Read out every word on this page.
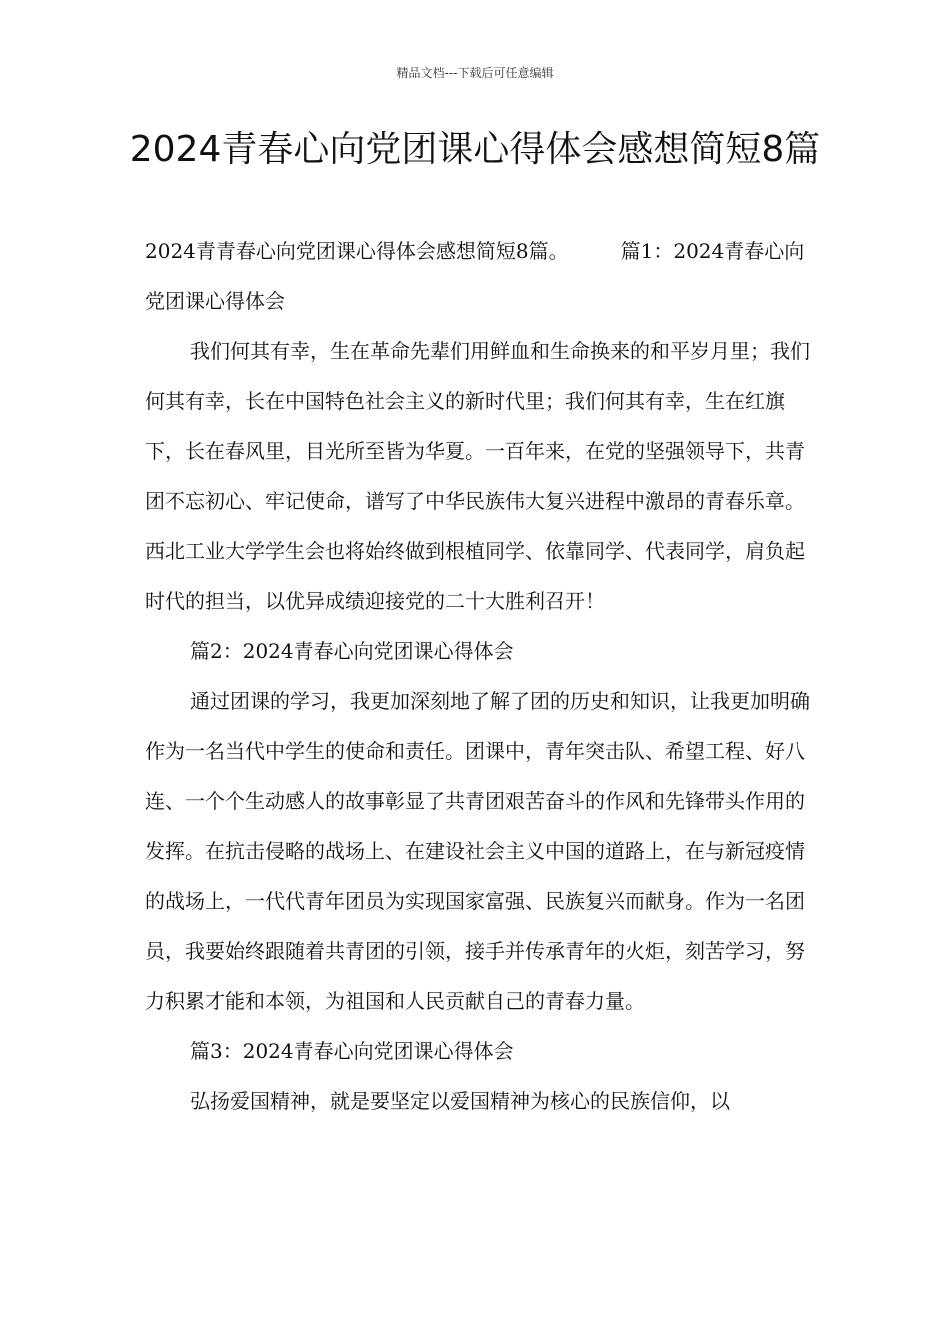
精品文档---下载后可任意编辑
2024青春心向党团课心得体会感想简短8篇

2024青青春心向党团课心得体会感想简短8篇。	篇1：2024青春心向党团课心得体会

我们何其有幸，生在革命先辈们用鲜血和生命换来的和平岁月里；我们何其有幸，长在中国特色社会主义的新时代里；我们何其有幸，生在红旗下，长在春风里，目光所至皆为华夏。一百年来，在党的坚强领导下，共青团不忘初心、牢记使命，谱写了中华民族伟大复兴进程中激昂的青春乐章。西北工业大学学生会也将始终做到根植同学、依靠同学、代表同学，肩负起时代的担当，以优异成绩迎接党的二十大胜利召开！

篇2：2024青春心向党团课心得体会

通过团课的学习，我更加深刻地了解了团的历史和知识，让我更加明确作为一名当代中学生的使命和责任。团课中，青年突击队、希望工程、好八连、一个个生动感人的故事彰显了共青团艰苦奋斗的作风和先锋带头作用的发挥。在抗击侵略的战场上、在建设社会主义中国的道路上，在与新冠疫情的战场上，一代代青年团员为实现国家富强、民族复兴而献身。作为一名团员，我要始终跟随着共青团的引领，接手并传承青年的火炬，刻苦学习，努力积累才能和本领，为祖国和人民贡献自己的青春力量。

篇3：2024青春心向党团课心得体会

弘扬爱国精神，就是要坚定以爱国精神为核心的民族信仰，以
